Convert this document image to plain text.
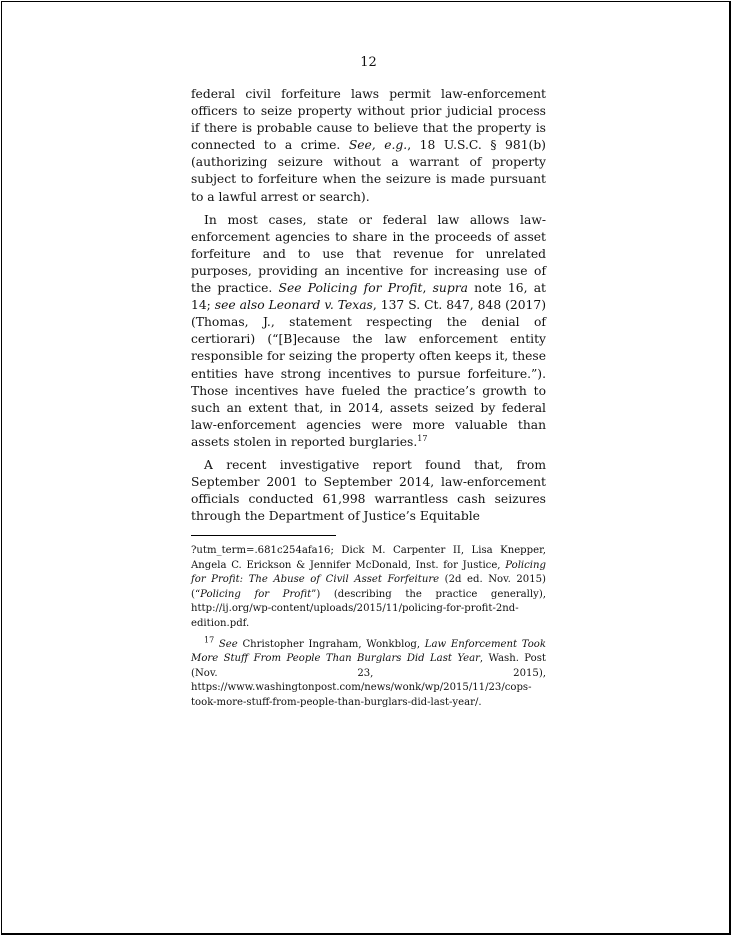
12

federal civil forfeiture laws permit law-enforcement officers to seize property without prior judicial process if there is probable cause to believe that the property is connected to a crime. See, e.g., 18 U.S.C. § 981(b) (authorizing seizure without a warrant of property subject to forfeiture when the seizure is made pursuant to a lawful arrest or search).

In most cases, state or federal law allows law-enforcement agencies to share in the proceeds of asset forfeiture and to use that revenue for unrelated purposes, providing an incentive for increasing use of the practice. See Policing for Profit, supra note 16, at 14; see also Leonard v. Texas, 137 S. Ct. 847, 848 (2017) (Thomas, J., statement respecting the denial of certiorari) (“[B]ecause the law enforcement entity responsible for seizing the property often keeps it, these entities have strong incentives to pursue forfeiture.”). Those incentives have fueled the practice’s growth to such an extent that, in 2014, assets seized by federal law-enforcement agencies were more valuable than assets stolen in reported burglaries.$^{17}$

A recent investigative report found that, from September 2001 to September 2014, law-enforcement officials conducted 61,998 warrantless cash seizures through the Department of Justice’s Equitable

?utm_term=.681c254afa16; Dick M. Carpenter II, Lisa Knepper, Angela C. Erickson & Jennifer McDonald, Inst. for Justice, Policing for Profit: The Abuse of Civil Asset Forfeiture (2d ed. Nov. 2015) (“Policing for Profit”) (describing the practice generally), http://ij.org/wp-content/uploads/2015/11/policing-for-profit-2nd-edition.pdf.

$^{17}$ See Christopher Ingraham, Wonkblog, Law Enforcement Took More Stuff From People Than Burglars Did Last Year, Wash. Post (Nov. 23, 2015), https://www.washingtonpost.com/news/wonk/wp/2015/11/23/cops-took-more-stuff-from-people-than-burglars-did-last-year/.
